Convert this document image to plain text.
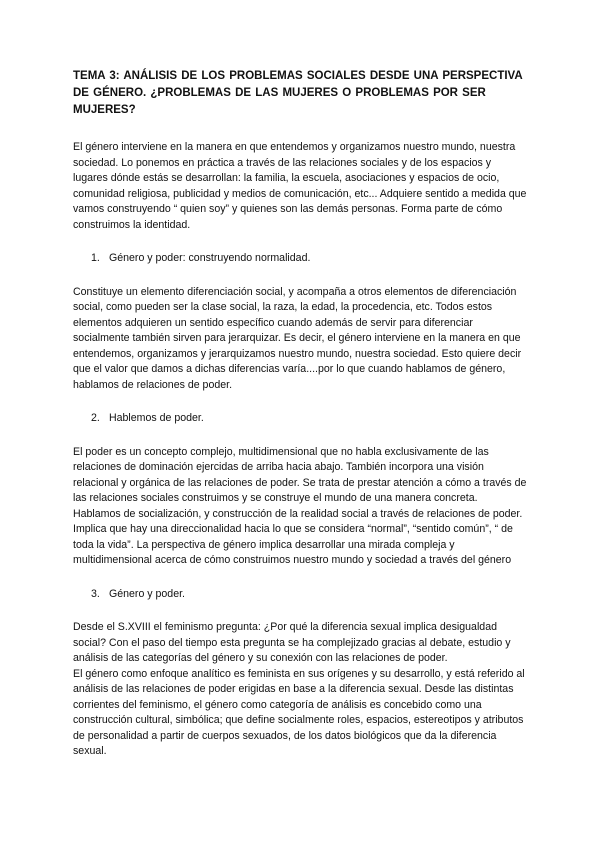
TEMA 3: ANÁLISIS DE LOS PROBLEMAS SOCIALES DESDE UNA PERSPECTIVA DE GÉNERO. ¿PROBLEMAS DE LAS MUJERES O PROBLEMAS POR SER MUJERES?

El género interviene en la manera en que entendemos y organizamos nuestro mundo, nuestra sociedad. Lo ponemos en práctica a través de las relaciones sociales y de los espacios y

lugares dónde estás se desarrollan: la familia, la escuela, asociaciones y espacios de ocio, comunidad religiosa, publicidad y medios de comunicación, etc... Adquiere sentido a medida que vamos construyendo “ quien soy” y quienes son las demás personas. Forma parte de cómo construimos la identidad.

1. Género y poder: construyendo normalidad.

Constituye un elemento diferenciación social, y acompaña a otros elementos de diferenciación social, como pueden ser la clase social, la raza, la edad, la procedencia, etc. Todos estos elementos adquieren un sentido específico cuando además de servir para diferenciar socialmente también sirven para jerarquizar. Es decir, el género interviene en la manera en que entendemos, organizamos y jerarquizamos nuestro mundo, nuestra sociedad. Esto quiere decir que el valor que damos a dichas diferencias varía....por lo que cuando hablamos de género,

hablamos de relaciones de poder.

2. Hablemos de poder.

El poder es un concepto complejo, multidimensional que no habla exclusivamente de las relaciones de dominación ejercidas de arriba hacia abajo. También incorpora una visión relacional y orgánica de las relaciones de poder. Se trata de prestar atención a cómo a través de las relaciones sociales construimos y se construye el mundo de una manera concreta.

Hablamos de socialización, y construcción de la realidad social a través de relaciones de poder.

Implica que hay una direccionalidad hacia lo que se considera “normal”, “sentido común”, “ de toda la vida”. La perspectiva de género implica desarrollar una mirada compleja y multidimensional acerca de cómo construimos nuestro mundo y sociedad a través del género

3. Género y poder.

Desde el S.XVIII el feminismo pregunta: ¿Por qué la diferencia sexual implica desigualdad social? Con el paso del tiempo esta pregunta se ha complejizado gracias al debate, estudio y

análisis de las categorías del género y su conexión con las relaciones de poder.

El género como enfoque analítico es feminista en sus orígenes y su desarrollo, y está referido al análisis de las relaciones de poder erigidas en base a la diferencia sexual. Desde las distintas corrientes del feminismo, el género como categoría de análisis es concebido como una construcción cultural, simbólica; que define socialmente roles, espacios, estereotipos y atributos de personalidad a partir de cuerpos sexuados, de los datos biológicos que da la diferencia sexual.
